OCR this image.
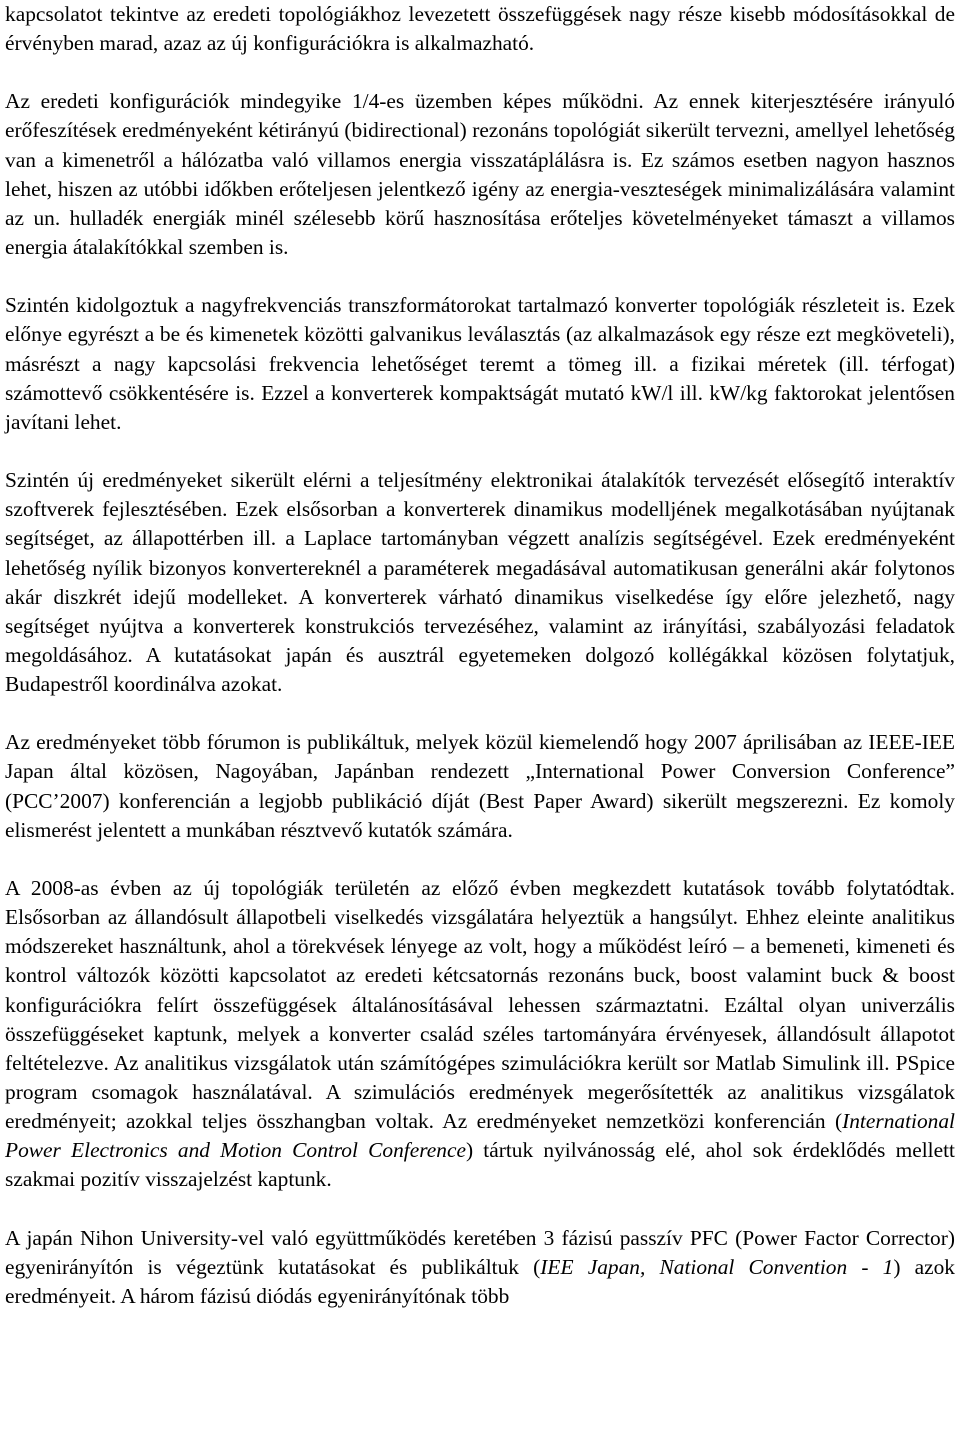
kapcsolatot tekintve az eredeti topológiákhoz levezetett összefüggések nagy része kisebb módosításokkal de érvényben marad, azaz az új konfigurációkra is alkalmazható.

Az eredeti konfigurációk mindegyike 1/4-es üzemben képes működni. Az ennek kiterjesztésére irányuló erőfeszítések eredményeként kétirányú (bidirectional) rezonáns topológiát sikerült tervezni, amellyel lehetőség van a kimenetről a hálózatba való villamos energia visszatáplálásra is. Ez számos esetben nagyon hasznos lehet, hiszen az utóbbi időkben erőteljesen jelentkező igény az energia-veszteségek minimalizálására valamint az un. hulladék energiák minél szélesebb körű hasznosítása erőteljes követelményeket támaszt a villamos energia átalakítókkal szemben is.

Szintén kidolgoztuk a nagyfrekvenciás transzformátorokat tartalmazó konverter topológiák részleteit is. Ezek előnye egyrészt a be és kimenetek közötti galvanikus leválasztás (az alkalmazások egy része ezt megköveteli), másrészt a nagy kapcsolási frekvencia lehetőséget teremt a tömeg ill. a fizikai méretek (ill. térfogat) számottevő csökkentésére is. Ezzel a konverterek kompaktságát mutató kW/l ill. kW/kg faktorokat jelentősen javítani lehet.

Szintén új eredményeket sikerült elérni a teljesítmény elektronikai átalakítók tervezését elősegítő interaktív szoftverek fejlesztésében. Ezek elsősorban a konverterek dinamikus modelljének megalkotásában nyújtanak segítséget, az állapottérben ill. a Laplace tartományban végzett analízis segítségével. Ezek eredményeként lehetőség nyílik bizonyos konvertereknél a paraméterek megadásával automatikusan generálni akár folytonos akár diszkrét idejű modelleket. A konverterek várható dinamikus viselkedése így előre jelezhető, nagy segítséget nyújtva a konverterek konstrukciós tervezéséhez, valamint az irányítási, szabályozási feladatok megoldásához. A kutatásokat japán és ausztrál egyetemeken dolgozó kollégákkal közösen folytatjuk, Budapestről koordinálva azokat.

Az eredményeket több fórumon is publikáltuk, melyek közül kiemelendő hogy 2007 áprilisában az IEEE-IEE Japan által közösen, Nagoyában, Japánban rendezett „International Power Conversion Conference” (PCC’2007) konferencián a legjobb publikáció díját (Best Paper Award) sikerült megszerezni. Ez komoly elismerést jelentett a munkában résztvevő kutatók számára.

A 2008-as évben az új topológiák területén az előző évben megkezdett kutatások tovább folytatódtak. Elsősorban az állandósult állapotbeli viselkedés vizsgálatára helyeztük a hangsúlyt. Ehhez eleinte analitikus módszereket használtunk, ahol a törekvések lényege az volt, hogy a működést leíró – a bemeneti, kimeneti és kontrol változók közötti kapcsolatot az eredeti kétcsatornás rezonáns buck, boost valamint buck & boost konfigurációkra felírt összefüggések általánosításával lehessen származtatni. Ezáltal olyan univerzális összefüggéseket kaptunk, melyek a konverter család széles tartományára érvényesek, állandósult állapotot feltételezve. Az analitikus vizsgálatok után számítógépes szimulációkra került sor Matlab Simulink ill. PSpice program csomagok használatával. A szimulációs eredmények megerősítették az analitikus vizsgálatok eredményeit; azokkal teljes összhangban voltak. Az eredményeket nemzetközi konferencián (International Power Electronics and Motion Control Conference) tártuk nyilvánosság elé, ahol sok érdeklődés mellett szakmai pozitív visszajelzést kaptunk.

A japán Nihon University-vel való együttműködés keretében 3 fázisú passzív PFC (Power Factor Corrector) egyenirányítón is végeztünk kutatásokat és publikáltuk (IEE Japan, National Convention - 1) azok eredményeit. A három fázisú diódás egyenirányítónak több
